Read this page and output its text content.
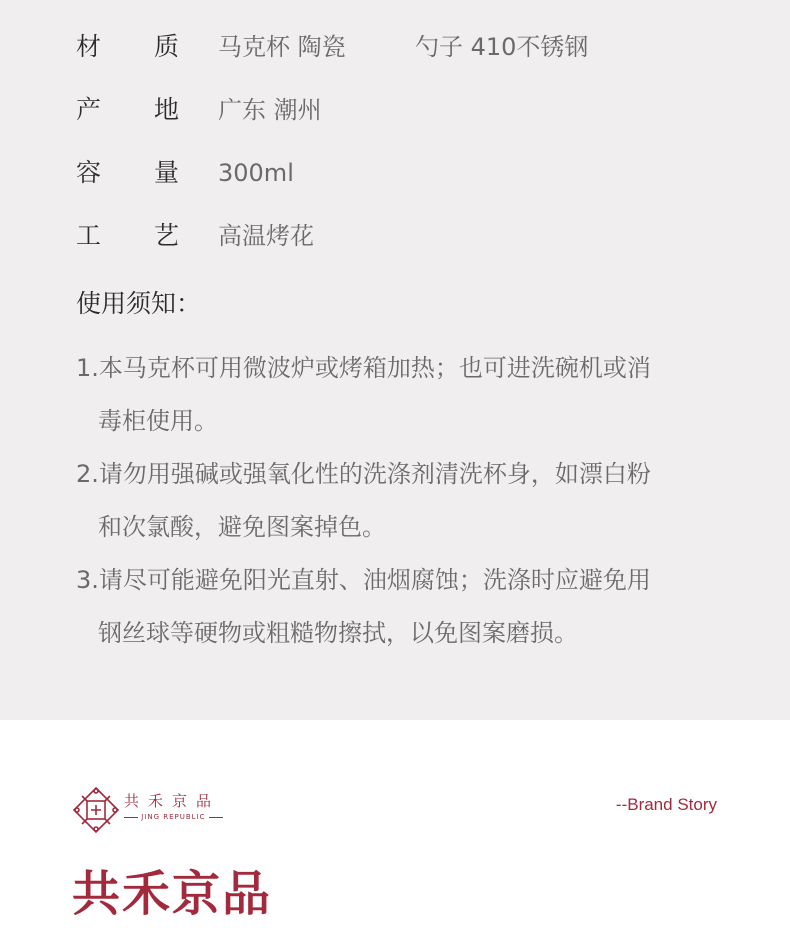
材 质 马克杯 陶瓷	勺子 410不锈钢
产 地 广东 潮州
容 量 300ml
工 艺 高温烤花
使用须知：
1.本马克杯可用微波炉或烤箱加热；也可进洗碗机或消
毒柜使用。
2.请勿用强碱或强氧化性的洗涤剂清洗杯身，如漂白粉
和次氯酸，避免图案掉色。
3.请尽可能避免阳光直射、油烟腐蚀；洗涤时应避免用
钢丝球等硬物或粗糙物擦拭，以免图案磨损。
共禾京品
JING REPUBLIC
--Brand Story
共禾京品
